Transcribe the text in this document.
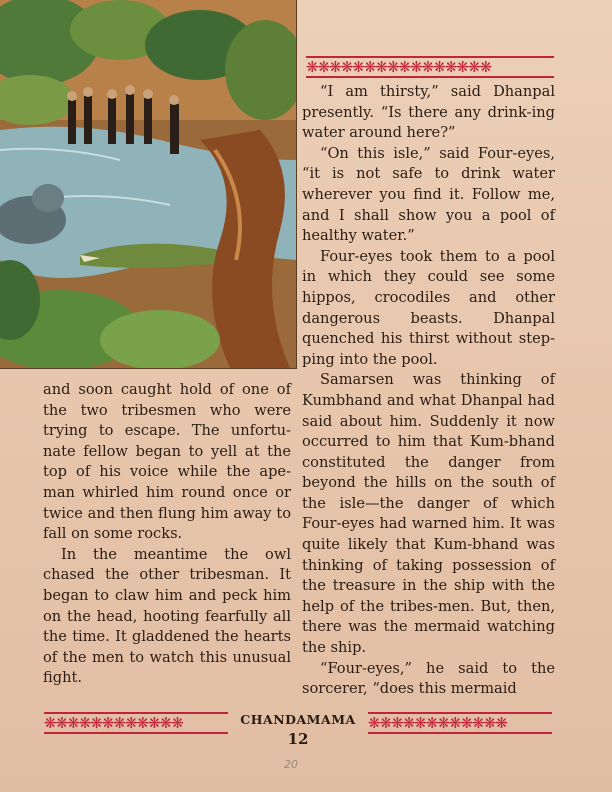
❋❋❋❋❋❋❋❋❋❋❋❋❋❋❋❋

“I am thirsty,” said Dhanpal presently. “Is there any drink-ing water around here?”

“On this isle,” said Four-eyes, “it is not safe to drink water wherever you find it. Follow me, and I shall show you a pool of healthy water.”

Four-eyes took them to a pool in which they could see some hippos, crocodiles and other dangerous beasts. Dhanpal quenched his thirst without step-ping into the pool.

Samarsen was thinking of Kumbhand and what Dhanpal had said about him. Suddenly it now occurred to him that Kum-bhand constituted the danger from beyond the hills on the south of the isle—the danger of which Four-eyes had warned him. It was quite likely that Kum-bhand was thinking of taking possession of the treasure in the ship with the help of the tribes-men. But, then, there was the mermaid watching the ship.

“Four-eyes,” he said to the sorcerer, “does this mermaid

and soon caught hold of one of the two tribesmen who were trying to escape. The unfortu-nate fellow began to yell at the top of his voice while the ape-man whirled him round once or twice and then flung him away to fall on some rocks.

In the meantime the owl chased the other tribesman. It began to claw him and peck him on the head, hooting fearfully all the time. It gladdened the hearts of the men to watch this unusual fight.

❋❋❋❋❋❋❋❋❋❋❋❋	CHANDAMAMA ❋❋❋❋❋❋❋❋❋❋❋❋
12
20
